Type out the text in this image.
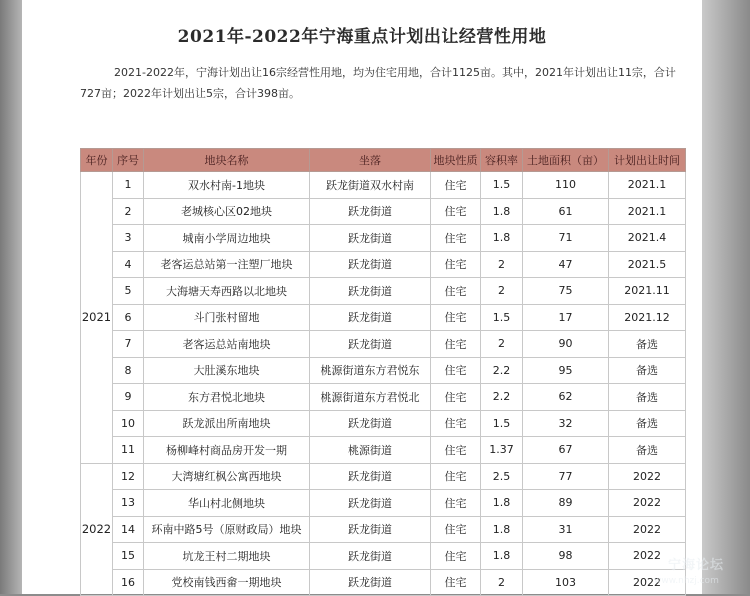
2021年-2022年宁海重点计划出让经营性用地
2021-2022年，宁海计划出让16宗经营性用地，均为住宅用地，合计1125亩。其中，2021年计划出让11宗，合计727亩；2022年计划出让5宗，合计398亩。
年份	序号	地块名称	坐落	地块性质	容积率	土地面积（亩）	计划出让时间
2021	1	双水村南-1地块	跃龙街道双水村南	住宅	1.5	110	2021.1
	2	老城核心区02地块	跃龙街道	住宅	1.8	61	2021.1
	3	城南小学周边地块	跃龙街道	住宅	1.8	71	2021.4
	4	老客运总站第一注塑厂地块	跃龙街道	住宅	2	47	2021.5
	5	大海塘天寿西路以北地块	跃龙街道	住宅	2	75	2021.11
	6	斗门张村留地	跃龙街道	住宅	1.5	17	2021.12
	7	老客运总站南地块	跃龙街道	住宅	2	90	备选
	8	大肚溪东地块	桃源街道东方君悦东	住宅	2.2	95	备选
	9	东方君悦北地块	桃源街道东方君悦北	住宅	2.2	62	备选
	10	跃龙派出所南地块	跃龙街道	住宅	1.5	32	备选
	11	杨柳峰村商品房开发一期	桃源街道	住宅	1.37	67	备选
2022	12	大湾塘红枫公寓西地块	跃龙街道	住宅	2.5	77	2022
	13	华山村北侧地块	跃龙街道	住宅	1.8	89	2022
	14	环南中路5号（原财政局）地块	跃龙街道	住宅	1.8	31	2022
	15	坑龙王村二期地块	跃龙街道	住宅	1.8	98	2022
	16	党校南钱西畲一期地块	跃龙街道	住宅	2	103	2022
宁海论坛
www.nhzj.com
